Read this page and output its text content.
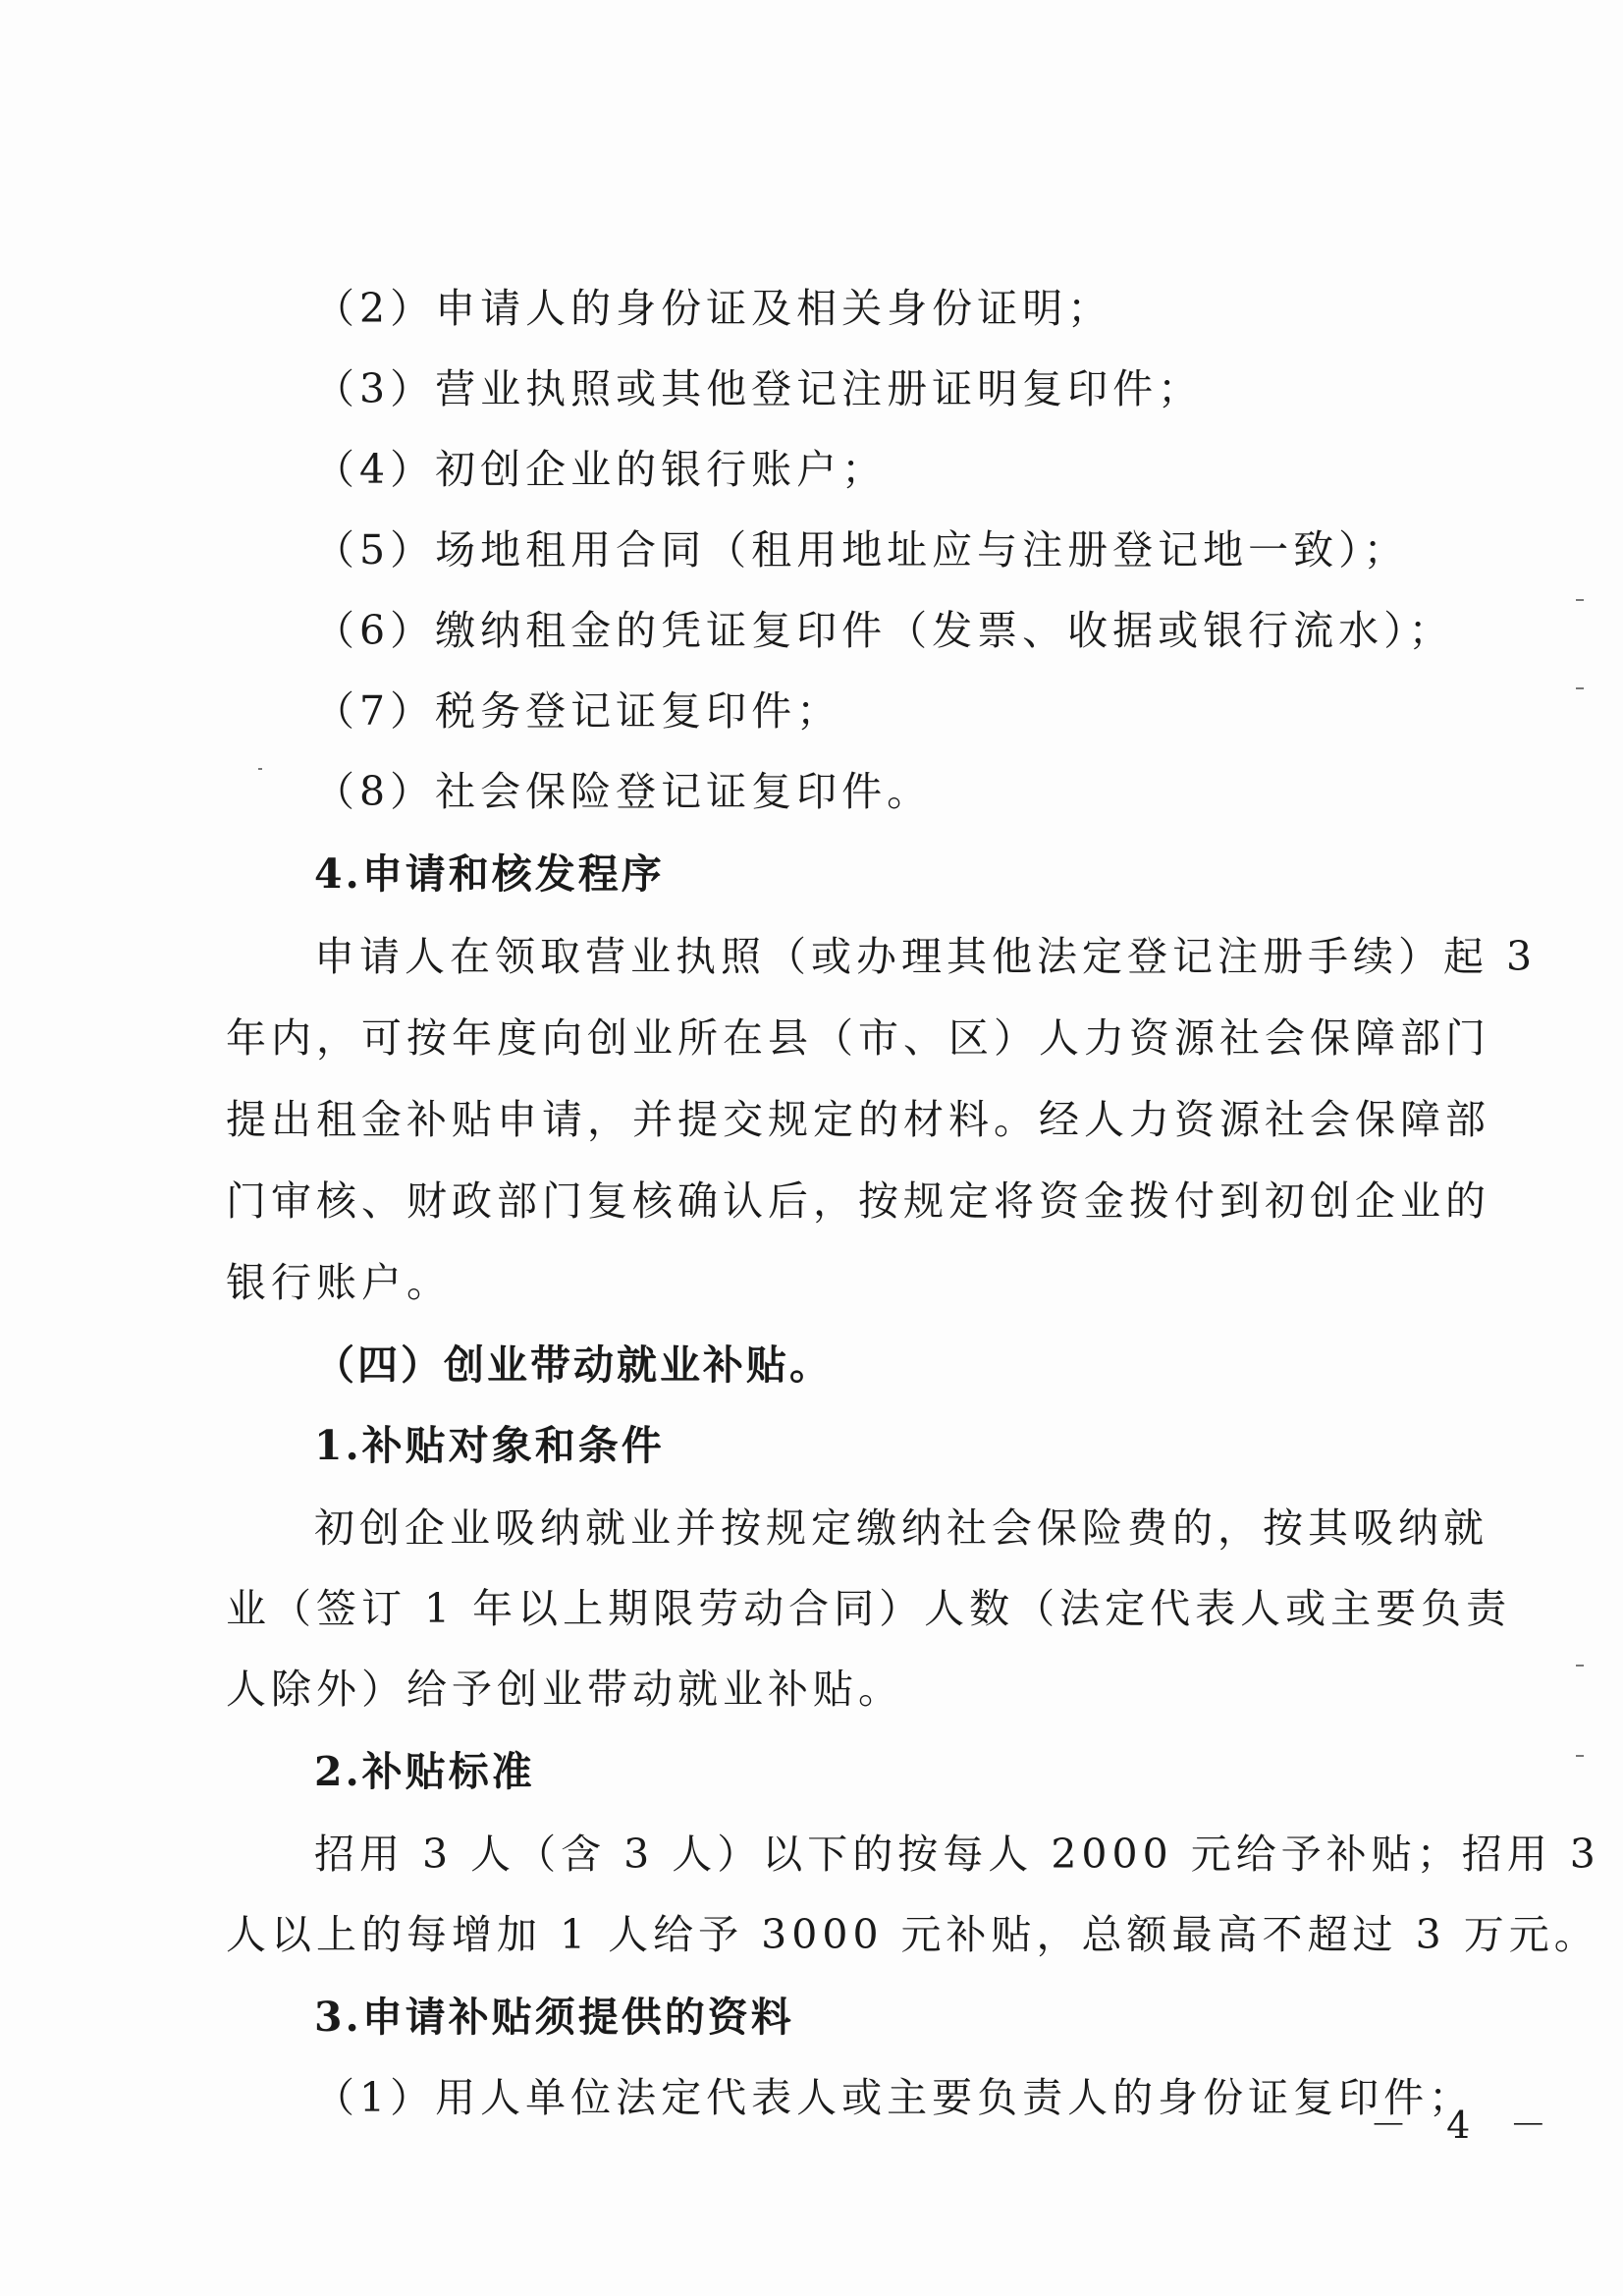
（2）申请人的身份证及相关身份证明；
（3）营业执照或其他登记注册证明复印件；
（4）初创企业的银行账户；
（5）场地租用合同（租用地址应与注册登记地一致）；
（6）缴纳租金的凭证复印件（发票、收据或银行流水）；
（7）税务登记证复印件；
（8）社会保险登记证复印件。
4.申请和核发程序
申请人在领取营业执照（或办理其他法定登记注册手续）起 3
年内，可按年度向创业所在县（市、区）人力资源社会保障部门
提出租金补贴申请，并提交规定的材料。经人力资源社会保障部
门审核、财政部门复核确认后，按规定将资金拨付到初创企业的
银行账户。
（四）创业带动就业补贴。
1.补贴对象和条件
初创企业吸纳就业并按规定缴纳社会保险费的，按其吸纳就
业（签订 1 年以上期限劳动合同）人数（法定代表人或主要负责
人除外）给予创业带动就业补贴。
2.补贴标准
招用 3 人（含 3 人）以下的按每人 2000 元给予补贴；招用 3
人以上的每增加 1 人给予 3000 元补贴，总额最高不超过 3 万元。
3.申请补贴须提供的资料
（1）用人单位法定代表人或主要负责人的身份证复印件；
－ 4 －
